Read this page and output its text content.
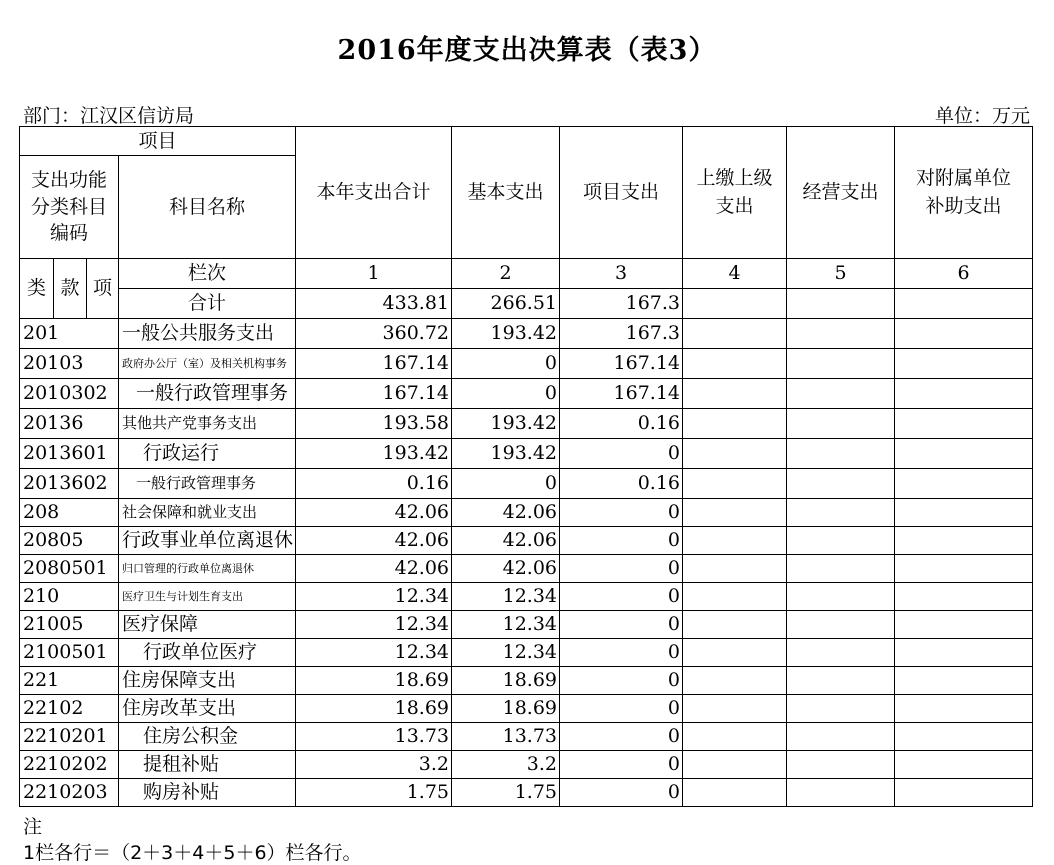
2016年度支出决算表（表3）
部门：江汉区信访局	单位：万元
项目				本年支出合计	基本支出	项目支出	上缴上级支出	经营支出	对附属单位补助支出
支出功能分类科目编码			科目名称						
类	款	项	栏次	1	2	3	4	5	6
			合计	433.81	266.51	167.3			
201			一般公共服务支出	360.72	193.42	167.3			
20103			政府办公厅（室）及相关机构事务	167.14	0	167.14			
2010302			一般行政管理事务	167.14	0	167.14			
20136			其他共产党事务支出	193.58	193.42	0.16			
2013601			行政运行	193.42	193.42	0			
2013602			一般行政管理事务	0.16	0	0.16			
208			社会保障和就业支出	42.06	42.06	0			
20805			行政事业单位离退休	42.06	42.06	0			
2080501			归口管理的行政单位离退休	42.06	42.06	0			
210			医疗卫生与计划生育支出	12.34	12.34	0			
21005			医疗保障	12.34	12.34	0			
2100501			行政单位医疗	12.34	12.34	0			
221			住房保障支出	18.69	18.69	0			
22102			住房改革支出	18.69	18.69	0			
2210201			住房公积金	13.73	13.73	0			
2210202			提租补贴	3.2	3.2	0			
2210203			购房补贴	1.75	1.75	0			
注
1栏各行＝（2＋3＋4＋5＋6）栏各行。
